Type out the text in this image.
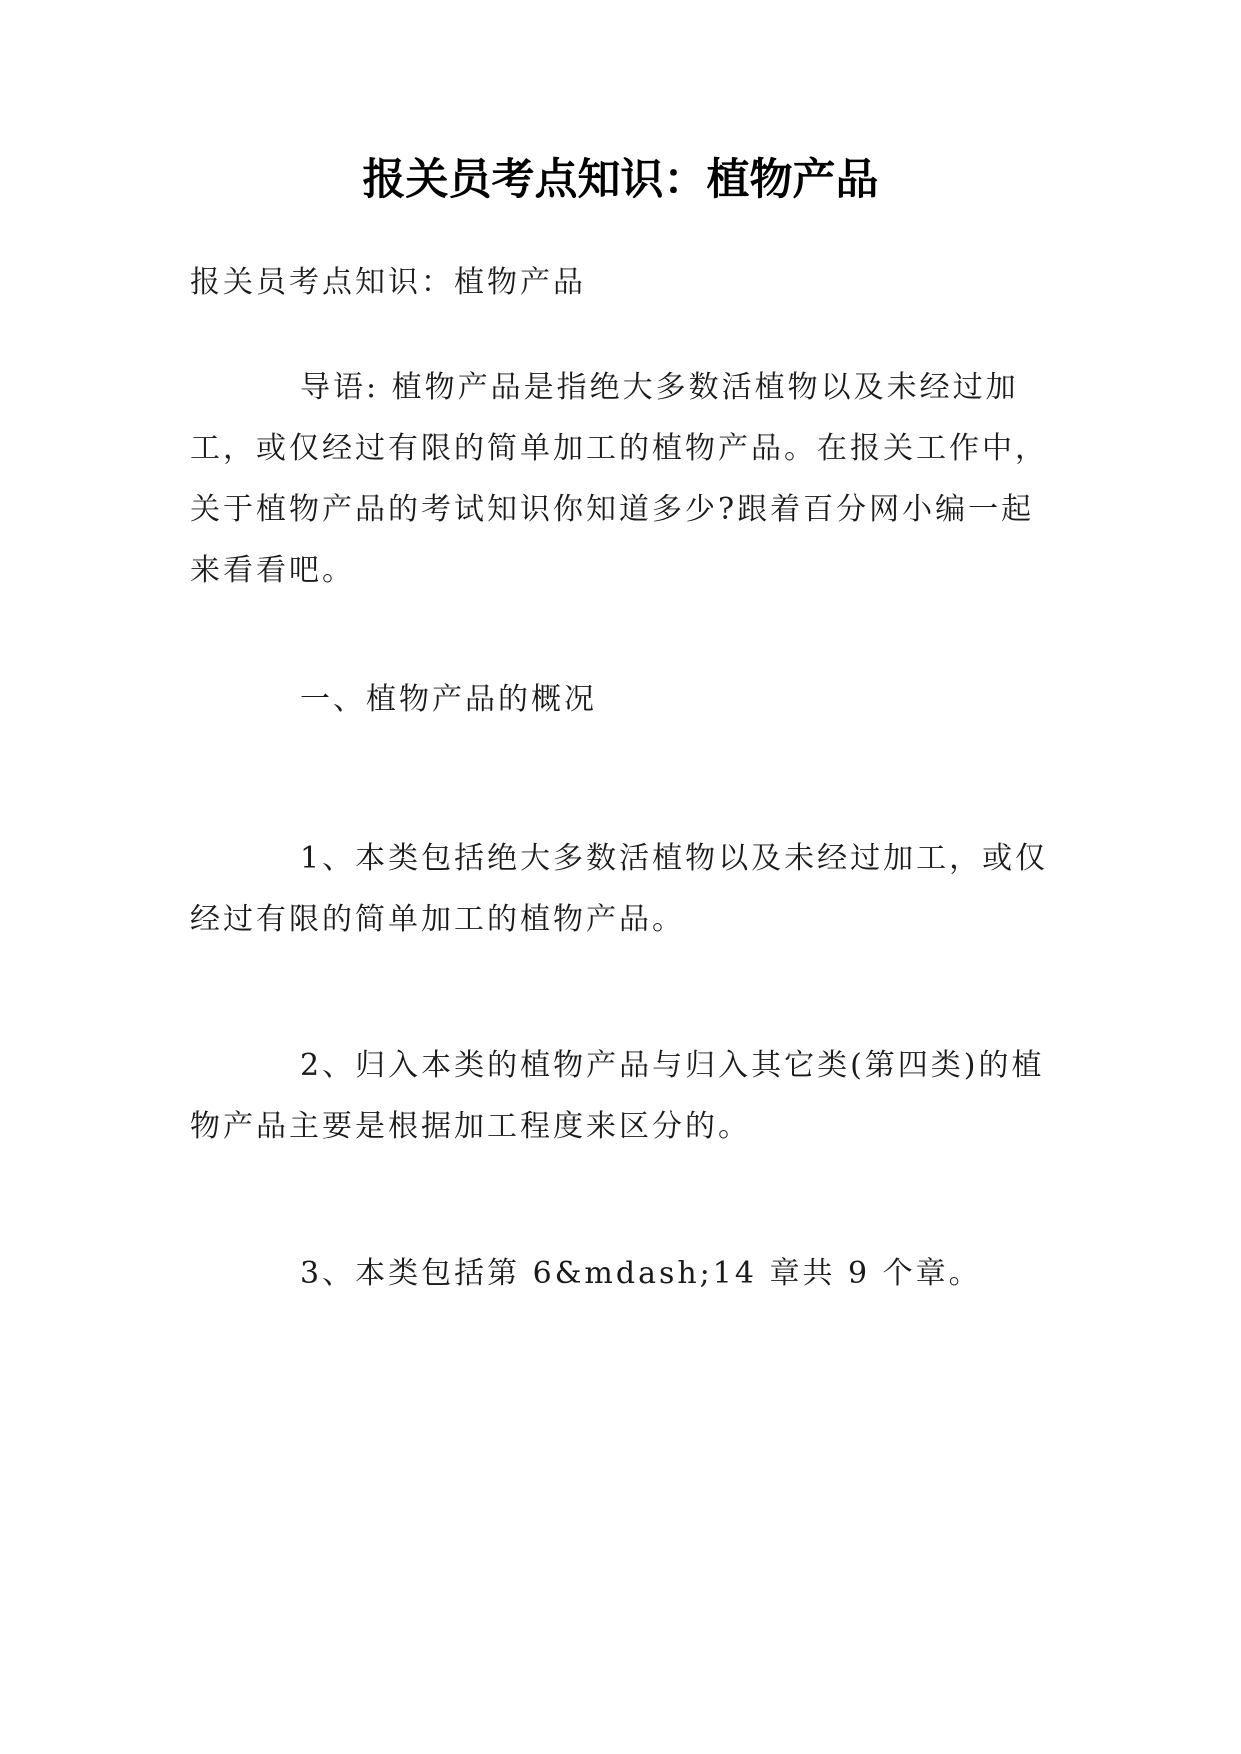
报关员考点知识：植物产品

报关员考点知识：植物产品

导语: 植物产品是指绝大多数活植物以及未经过加工，或仅经过有限的简单加工的植物产品。在报关工作中，关于植物产品的考试知识你知道多少?跟着百分网小编一起来看看吧。

一、植物产品的概况

1、本类包括绝大多数活植物以及未经过加工，或仅经过有限的简单加工的植物产品。

2、归入本类的植物产品与归入其它类(第四类)的植物产品主要是根据加工程度来区分的。

3、本类包括第 6&mdash;14 章共 9 个章。
